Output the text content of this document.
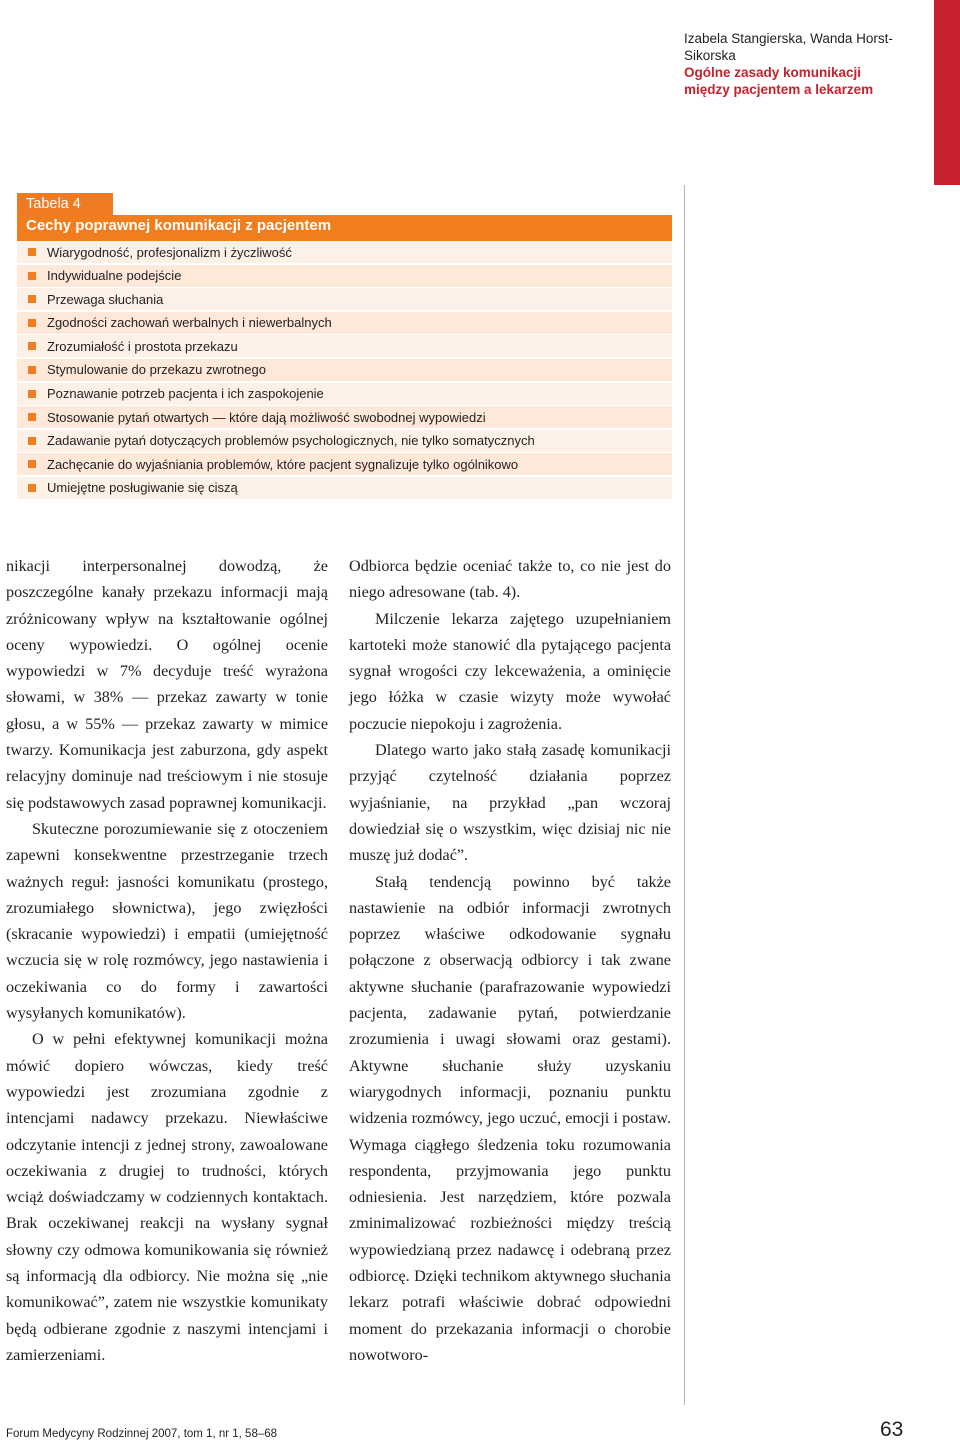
Izabela Stangierska, Wanda Horst-Sikorska
Ogólne zasady komunikacji
między pacjentem a lekarzem
Tabela 4
Cechy poprawnej komunikacji z pacjentem
Wiarygodność, profesjonalizm i życzliwość
Indywidualne podejście
Przewaga słuchania
Zgodności zachowań werbalnych i niewerbalnych
Zrozumiałość i prostota przekazu
Stymulowanie do przekazu zwrotnego
Poznawanie potrzeb pacjenta i ich zaspokojenie
Stosowanie pytań otwartych — które dają możliwość swobodnej wypowiedzi
Zadawanie pytań dotyczących problemów psychologicznych, nie tylko somatycznych
Zachęcanie do wyjaśniania problemów, które pacjent sygnalizuje tylko ogólnikowo
Umiejętne posługiwanie się ciszą

nikacji interpersonalnej dowodzą, że poszczególne kanały przekazu informacji mają zróżnicowany wpływ na kształtowanie ogólnej oceny wypowiedzi. O ogólnej ocenie wypowiedzi w 7% decyduje treść wyrażona słowami, w 38% — przekaz zawarty w tonie głosu, a w 55% — przekaz zawarty w mimice twarzy. Komunikacja jest zaburzona, gdy aspekt relacyjny dominuje nad treściowym i nie stosuje się podstawowych zasad poprawnej komunikacji.

Skuteczne porozumiewanie się z otoczeniem zapewni konsekwentne przestrzeganie trzech ważnych reguł: jasności komunikatu (prostego, zrozumiałego słownictwa), jego zwięzłości (skracanie wypowiedzi) i empatii (umiejętność wczucia się w rolę rozmówcy, jego nastawienia i oczekiwania co do formy i zawartości wysyłanych komunikatów).

O w pełni efektywnej komunikacji można mówić dopiero wówczas, kiedy treść wypowiedzi jest zrozumiana zgodnie z intencjami nadawcy przekazu. Niewłaściwe odczytanie intencji z jednej strony, zawoalowane oczekiwania z drugiej to trudności, których wciąż doświadczamy w codziennych kontaktach. Brak oczekiwanej reakcji na wysłany sygnał słowny czy odmowa komunikowania się również są informacją dla odbiorcy. Nie można się „nie komunikować”, zatem nie wszystkie komunikaty będą odbierane zgodnie z naszymi intencjami i zamierzeniami.

Odbiorca będzie oceniać także to, co nie jest do niego adresowane (tab. 4).

Milczenie lekarza zajętego uzupełnianiem kartoteki może stanowić dla pytającego pacjenta sygnał wrogości czy lekceważenia, a ominięcie jego łóżka w czasie wizyty może wywołać poczucie niepokoju i zagrożenia.

Dlatego warto jako stałą zasadę komunikacji przyjąć czytelność działania poprzez wyjaśnianie, na przykład „pan wczoraj dowiedział się o wszystkim, więc dzisiaj nic nie muszę już dodać”.

Stałą tendencją powinno być także nastawienie na odbiór informacji zwrotnych poprzez właściwe odkodowanie sygnału połączone z obserwacją odbiorcy i tak zwane aktywne słuchanie (parafrazowanie wypowiedzi pacjenta, zadawanie pytań, potwierdzanie zrozumienia i uwagi słowami oraz gestami). Aktywne słuchanie służy uzyskaniu wiarygodnych informacji, poznaniu punktu widzenia rozmówcy, jego uczuć, emocji i postaw. Wymaga ciągłego śledzenia toku rozumowania respondenta, przyjmowania jego punktu odniesienia. Jest narzędziem, które pozwala zminimalizować rozbieżności między treścią wypowiedzianą przez nadawcę i odebraną przez odbiorcę. Dzięki technikom aktywnego słuchania lekarz potrafi właściwie dobrać odpowiedni moment do przekazania informacji o chorobie nowotworo-

Forum Medycyny Rodzinnej 2007, tom 1, nr 1, 58–68	63
